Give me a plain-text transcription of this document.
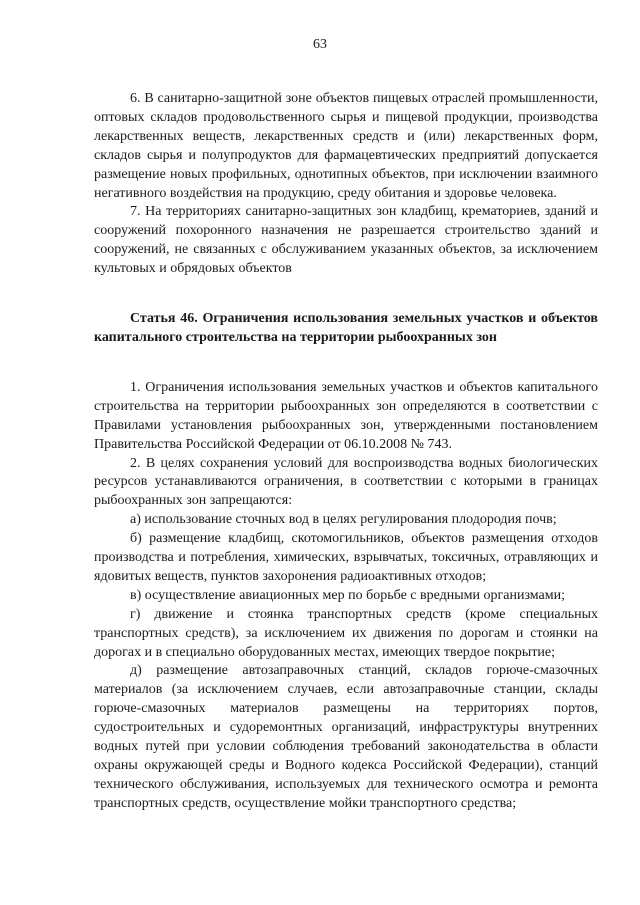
63

6. В санитарно-защитной зоне объектов пищевых отраслей промышленности, оптовых складов продовольственного сырья и пищевой продукции, производства лекарственных веществ, лекарственных средств и (или) лекарственных форм, складов сырья и полупродуктов для фармацевтических предприятий допускается размещение новых профильных, однотипных объектов, при исключении взаимного негативного воздействия на продукцию, среду обитания и здоровье человека.

7. На территориях санитарно-защитных зон кладбищ, крематориев, зданий и сооружений похоронного назначения не разрешается строительство зданий и сооружений, не связанных с обслуживанием указанных объектов, за исключением культовых и обрядовых объектов

Статья 46. Ограничения использования земельных участков и объектов капитального строительства на территории рыбоохранных зон

1. Ограничения использования земельных участков и объектов капитального строительства на территории рыбоохранных зон определяются в соответствии с Правилами установления рыбоохранных зон, утвержденными постановлением Правительства Российской Федерации от 06.10.2008 № 743.

2. В целях сохранения условий для воспроизводства водных биологических ресурсов устанавливаются ограничения, в соответствии с которыми в границах рыбоохранных зон запрещаются:

а) использование сточных вод в целях регулирования плодородия почв;

б) размещение кладбищ, скотомогильников, объектов размещения отходов производства и потребления, химических, взрывчатых, токсичных, отравляющих и ядовитых веществ, пунктов захоронения радиоактивных отходов;

в) осуществление авиационных мер по борьбе с вредными организмами;

г) движение и стоянка транспортных средств (кроме специальных транспортных средств), за исключением их движения по дорогам и стоянки на дорогах и в специально оборудованных местах, имеющих твердое покрытие;

д) размещение автозаправочных станций, складов горюче-смазочных материалов (за исключением случаев, если автозаправочные станции, склады горюче-смазочных материалов размещены на территориях портов, судостроительных и судоремонтных организаций, инфраструктуры внутренних водных путей при условии соблюдения требований законодательства в области охраны окружающей среды и Водного кодекса Российской Федерации), станций технического обслуживания, используемых для технического осмотра и ремонта транспортных средств, осуществление мойки транспортного средства;
